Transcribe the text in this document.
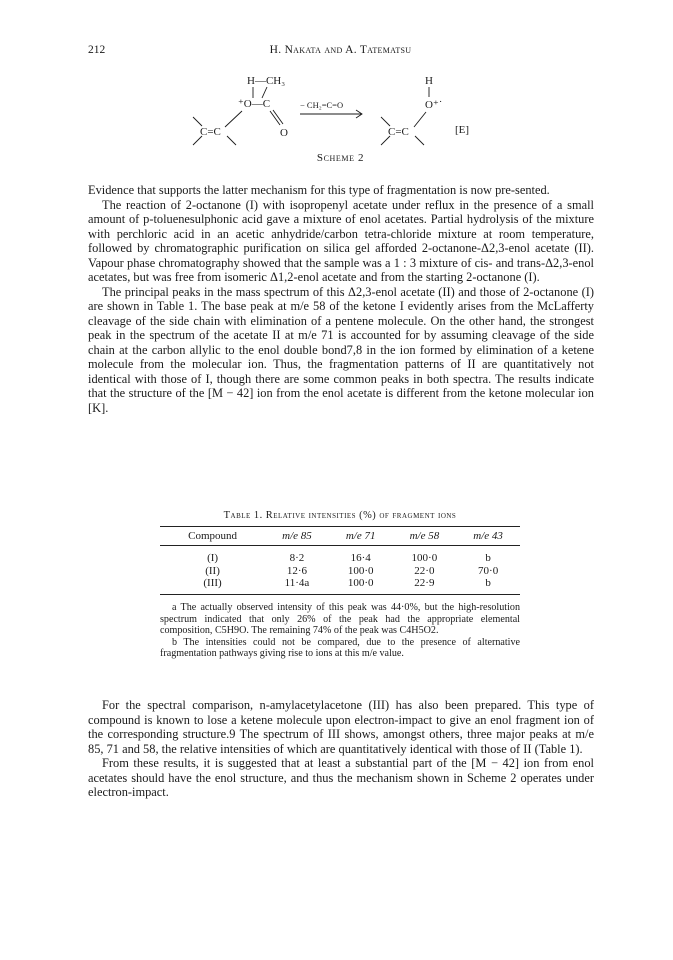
212	H. Nakata and A. Tatematsu
H—CH₃
⁺O—C
O
C=C
− CH₂=C=O
H
O⁺˙
C=C	[E]
Scheme 2

Evidence that supports the latter mechanism for this type of fragmentation is now pre-sented.

The reaction of 2-octanone (I) with isopropenyl acetate under reflux in the presence of a small amount of p-toluenesulphonic acid gave a mixture of enol acetates. Partial hydrolysis of the mixture with perchloric acid in an acetic anhydride/carbon tetra-chloride mixture at room temperature, followed by chromatographic purification on silica gel afforded 2-octanone-Δ2,3-enol acetate (II). Vapour phase chromatography showed that the sample was a 1 : 3 mixture of cis- and trans-Δ2,3-enol acetates, but was free from isomeric Δ1,2-enol acetate and from the starting 2-octanone (I).

The principal peaks in the mass spectrum of this Δ2,3-enol acetate (II) and those of 2-octanone (I) are shown in Table 1. The base peak at m/e 58 of the ketone I evidently arises from the McLafferty cleavage of the side chain with elimination of a pentene molecule. On the other hand, the strongest peak in the spectrum of the acetate II at m/e 71 is accounted for by assuming cleavage of the side chain at the carbon allylic to the enol double bond7,8 in the ion formed by elimination of a ketene molecule from the molecular ion. Thus, the fragmentation patterns of II are quantitatively not identical with those of I, though there are some common peaks in both spectra. The results indicate that the structure of the [M − 42] ion from the enol acetate is different from the ketone molecular ion [K].

Table 1. Relative intensities (%) of fragment ions
Compound	m/e 85	m/e 71	m/e 58	m/e 43
(I)	8·2	16·4	100·0	b
(II)	12·6	100·0	22·0	70·0
(III)	11·4a	100·0	22·9	b

a The actually observed intensity of this peak was 44·0%, but the high-resolution spectrum indicated that only 26% of the peak had the appropriate elemental composition, C5H9O. The remaining 74% of the peak was C4H5O2.

b The intensities could not be compared, due to the presence of alternative fragmentation pathways giving rise to ions at this m/e value.

For the spectral comparison, n-amylacetylacetone (III) has also been prepared. This type of compound is known to lose a ketene molecule upon electron-impact to give an enol fragment ion of the corresponding structure.9 The spectrum of III shows, amongst others, three major peaks at m/e 85, 71 and 58, the relative intensities of which are quantitatively identical with those of II (Table 1).

From these results, it is suggested that at least a substantial part of the [M − 42] ion from enol acetates should have the enol structure, and thus the mechanism shown in Scheme 2 operates under electron-impact.
